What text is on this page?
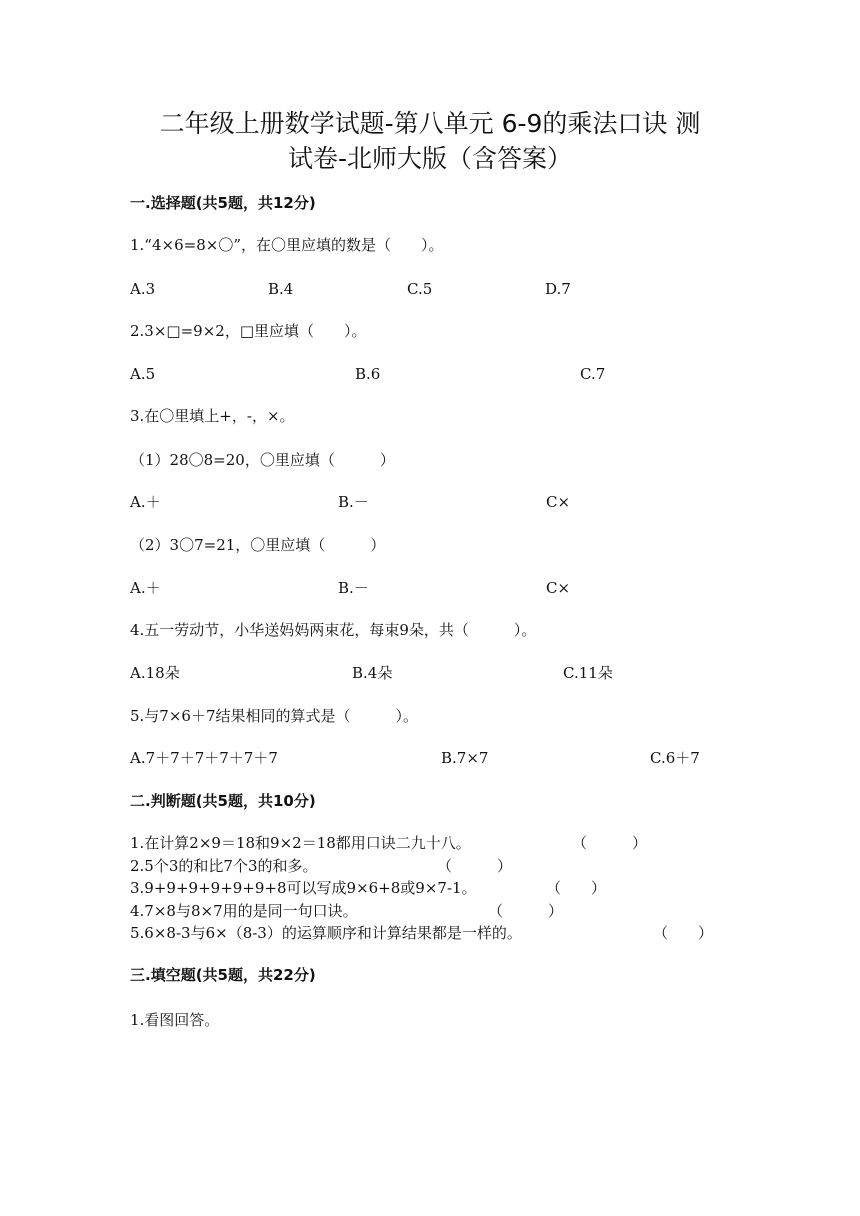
二年级上册数学试题-第八单元 6-9的乘法口诀 测
试卷-北师大版（含答案）
一.选择题(共5题，共12分)
1.“4×6=8×〇”，在〇里应填的数是（　　）。
A.3	B.4	C.5	D.7
2.3×□=9×2，□里应填（　　）。
A.5	B.6	C.7
3.在〇里填上+，-，×。
（1）28〇8=20，〇里应填（　　　）
A.＋	B.－	C×
（2）3〇7=21，〇里应填（　　　）
A.＋	B.－	C×
4.五一劳动节，小华送妈妈两束花，每束9朵，共（　　　）。
A.18朵	B.4朵	C.11朵
5.与7×6＋7结果相同的算式是（　　　）。
A.7＋7＋7＋7＋7＋7	B.7×7	C.6＋7
二.判断题(共5题，共10分)
1.在计算2×9＝18和9×2＝18都用口诀二九十八。	（　　　）
2.5个3的和比7个3的和多。	（　　　）
3.9+9+9+9+9+9+8可以写成9×6+8或9×7-1。	（　　）
4.7×8与8×7用的是同一句口诀。	（　　　）
5.6×8-3与6×（8-3）的运算顺序和计算结果都是一样的。	（　　）
三.填空题(共5题，共22分)
1.看图回答。
